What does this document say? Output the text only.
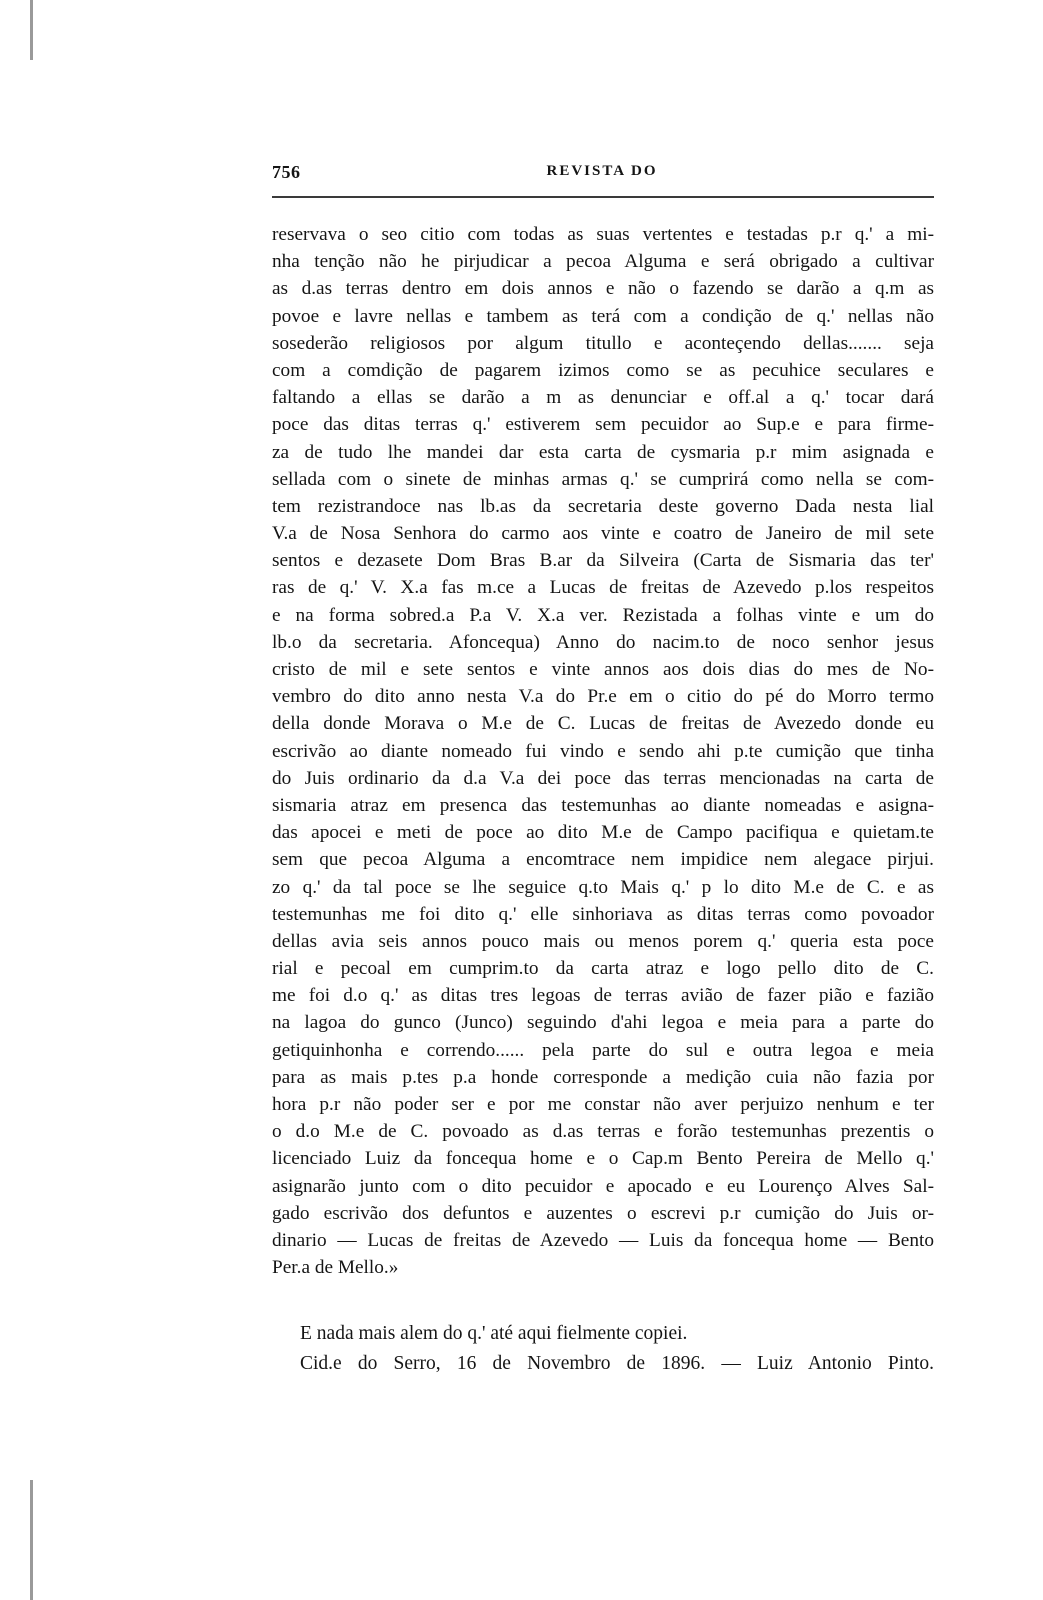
756	REVISTA DO
reservava o seo citio com todas as suas vertentes e testadas p.r q.' a mi-
nha tenção não he pirjudicar a pecoa Alguma e será obrigado a cultivar
as d.as terras dentro em dois annos e não o fazendo se darão a q.m as
povoe e lavre nellas e tambem as terá com a condição de q.' nellas não
sosederão religiosos por algum titullo e aconteçendo dellas....... seja
com a comdição de pagarem izimos como se as pecuhice seculares e
faltando a ellas se darão a m as denunciar e off.al a q.' tocar dará
poce das ditas terras q.' estiverem sem pecuidor ao Sup.e e para firme-
za de tudo lhe mandei dar esta carta de cysmaria p.r mim asignada e
sellada com o sinete de minhas armas q.' se cumprirá como nella se com-
tem rezistrandoce nas lb.as da secretaria deste governo Dada nesta lial
V.a de Nosa Senhora do carmo aos vinte e coatro de Janeiro de mil sete
sentos e dezasete Dom Bras B.ar da Silveira (Carta de Sismaria das ter'
ras de q.' V. X.a fas m.ce a Lucas de freitas de Azevedo p.los respeitos
e na forma sobred.a P.a V. X.a ver. Rezistada a folhas vinte e um do
lb.o da secretaria. Afoncequa) Anno do nacim.to de noco senhor jesus
cristo de mil e sete sentos e vinte annos aos dois dias do mes de No-
vembro do dito anno nesta V.a do Pr.e em o citio do pé do Morro termo
della donde Morava o M.e de C. Lucas de freitas de Avezedo donde eu
escrivão ao diante nomeado fui vindo e sendo ahi p.te cumição que tinha
do Juis ordinario da d.a V.a dei poce das terras mencionadas na carta de
sismaria atraz em presenca das testemunhas ao diante nomeadas e asigna-
das apocei e meti de poce ao dito M.e de Campo pacifiqua e quietam.te
sem que pecoa Alguma a encomtrace nem impidice nem alegace pirjui.
zo q.' da tal poce se lhe seguice q.to Mais q.' p lo dito M.e de C. e as
testemunhas me foi dito q.' elle sinhoriava as ditas terras como povoador
dellas avia seis annos pouco mais ou menos porem q.' queria esta poce
rial e pecoal em cumprim.to da carta atraz e logo pello dito de C.
me foi d.o q.' as ditas tres legoas de terras avião de fazer pião e fazião
na lagoa do gunco (Junco) seguindo d'ahi legoa e meia para a parte do
getiquinhonha e correndo...... pela parte do sul e outra legoa e meia
para as mais p.tes p.a honde corresponde a medição cuia não fazia por
hora p.r não poder ser e por me constar não aver perjuizo nenhum e ter
o d.o M.e de C. povoado as d.as terras e forão testemunhas prezentis o
licenciado Luiz da foncequa home e o Cap.m Bento Pereira de Mello q.'
asignarão junto com o dito pecuidor e apocado e eu Lourenço Alves Sal-
gado escrivão dos defuntos e auzentes o escrevi p.r cumição do Juis or-
dinario — Lucas de freitas de Azevedo — Luis da foncequa home — Bento
Per.a de Mello.»
E nada mais alem do q.' até aqui fielmente copiei.
Cid.e do Serro, 16 de Novembro de 1896. — Luiz Antonio Pinto.
